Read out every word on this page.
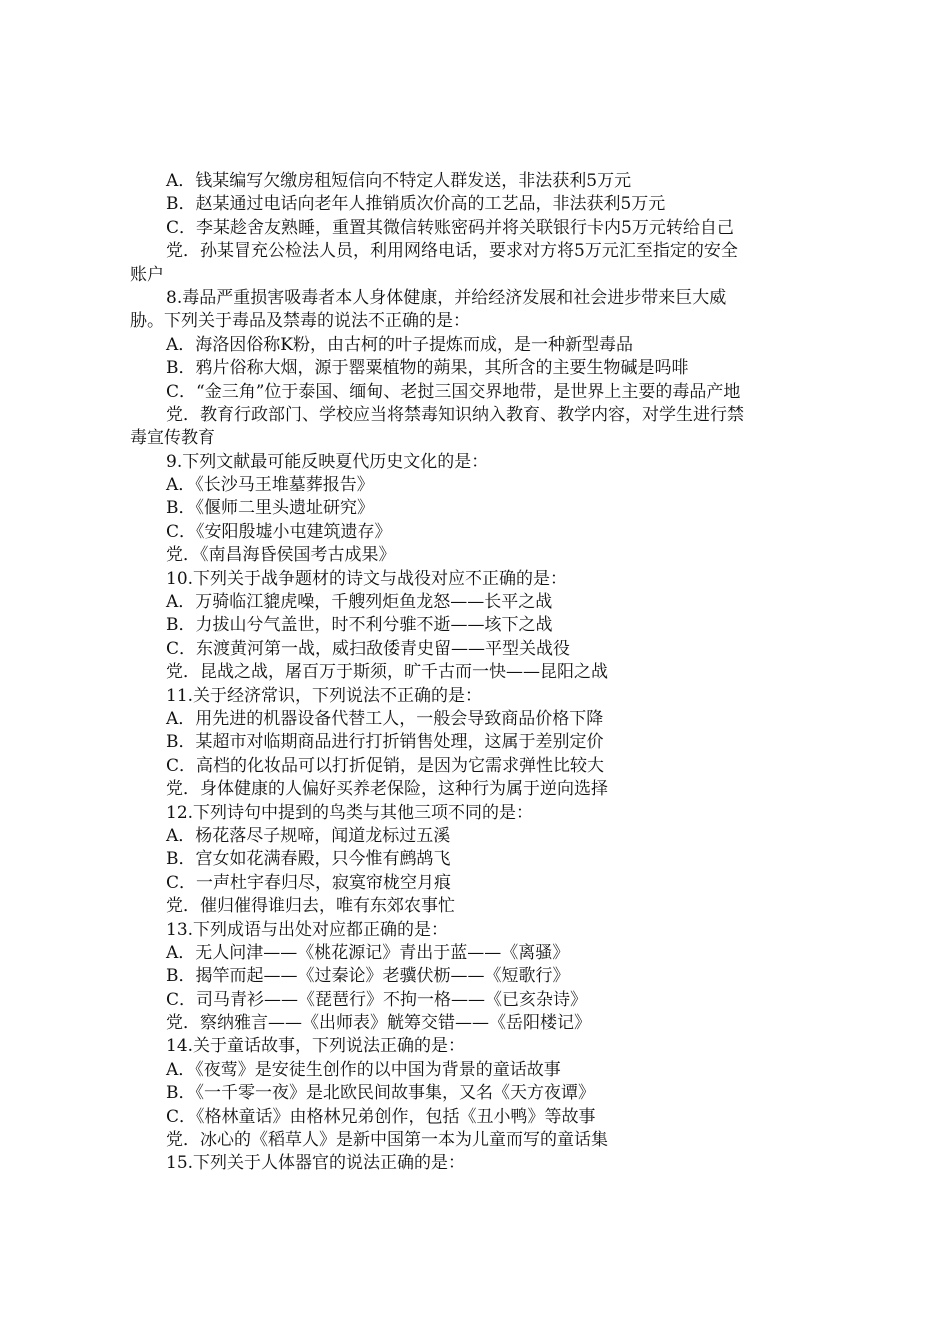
A．钱某编写欠缴房租短信向不特定人群发送，非法获利5万元
B．赵某通过电话向老年人推销质次价高的工艺品，非法获利5万元
C．李某趁舍友熟睡，重置其微信转账密码并将关联银行卡内5万元转给自己
党．孙某冒充公检法人员，利用网络电话，要求对方将5万元汇至指定的安全
账户
8.毒品严重损害吸毒者本人身体健康，并给经济发展和社会进步带来巨大威
胁。下列关于毒品及禁毒的说法不正确的是：
A．海洛因俗称K粉，由古柯的叶子提炼而成，是一种新型毒品
B．鸦片俗称大烟，源于罂粟植物的蒴果，其所含的主要生物碱是吗啡
C．“金三角”位于泰国、缅甸、老挝三国交界地带，是世界上主要的毒品产地
党．教育行政部门、学校应当将禁毒知识纳入教育、教学内容，对学生进行禁
毒宣传教育
9.下列文献最可能反映夏代历史文化的是：
A．《长沙马王堆墓葬报告》
B．《偃师二里头遗址研究》
C．《安阳殷墟小屯建筑遗存》
党．《南昌海昏侯国考古成果》
10.下列关于战争题材的诗文与战役对应不正确的是：
A．万骑临江貔虎噪，千艘列炬鱼龙怒——长平之战
B．力拔山兮气盖世，时不利兮骓不逝——垓下之战
C．东渡黄河第一战，威扫敌倭青史留——平型关战役
党．昆战之战，屠百万于斯须，旷千古而一快——昆阳之战
11.关于经济常识，下列说法不正确的是：
A．用先进的机器设备代替工人，一般会导致商品价格下降
B．某超市对临期商品进行打折销售处理，这属于差别定价
C．高档的化妆品可以打折促销，是因为它需求弹性比较大
党．身体健康的人偏好买养老保险，这种行为属于逆向选择
12.下列诗句中提到的鸟类与其他三项不同的是：
A．杨花落尽子规啼，闻道龙标过五溪
B．宫女如花满春殿，只今惟有鹧鸪飞
C．一声杜宇春归尽，寂寞帘栊空月痕
党．催归催得谁归去，唯有东郊农事忙
13.下列成语与出处对应都正确的是：
A．无人问津——《桃花源记》青出于蓝——《离骚》
B．揭竿而起——《过秦论》老骥伏枥——《短歌行》
C．司马青衫——《琵琶行》不拘一格——《已亥杂诗》
党．察纳雅言——《出师表》觥筹交错——《岳阳楼记》
14.关于童话故事，下列说法正确的是：
A．《夜莺》是安徒生创作的以中国为背景的童话故事
B．《一千零一夜》是北欧民间故事集，又名《天方夜谭》
C．《格林童话》由格林兄弟创作，包括《丑小鸭》等故事
党．冰心的《稻草人》是新中国第一本为儿童而写的童话集
15.下列关于人体器官的说法正确的是：
